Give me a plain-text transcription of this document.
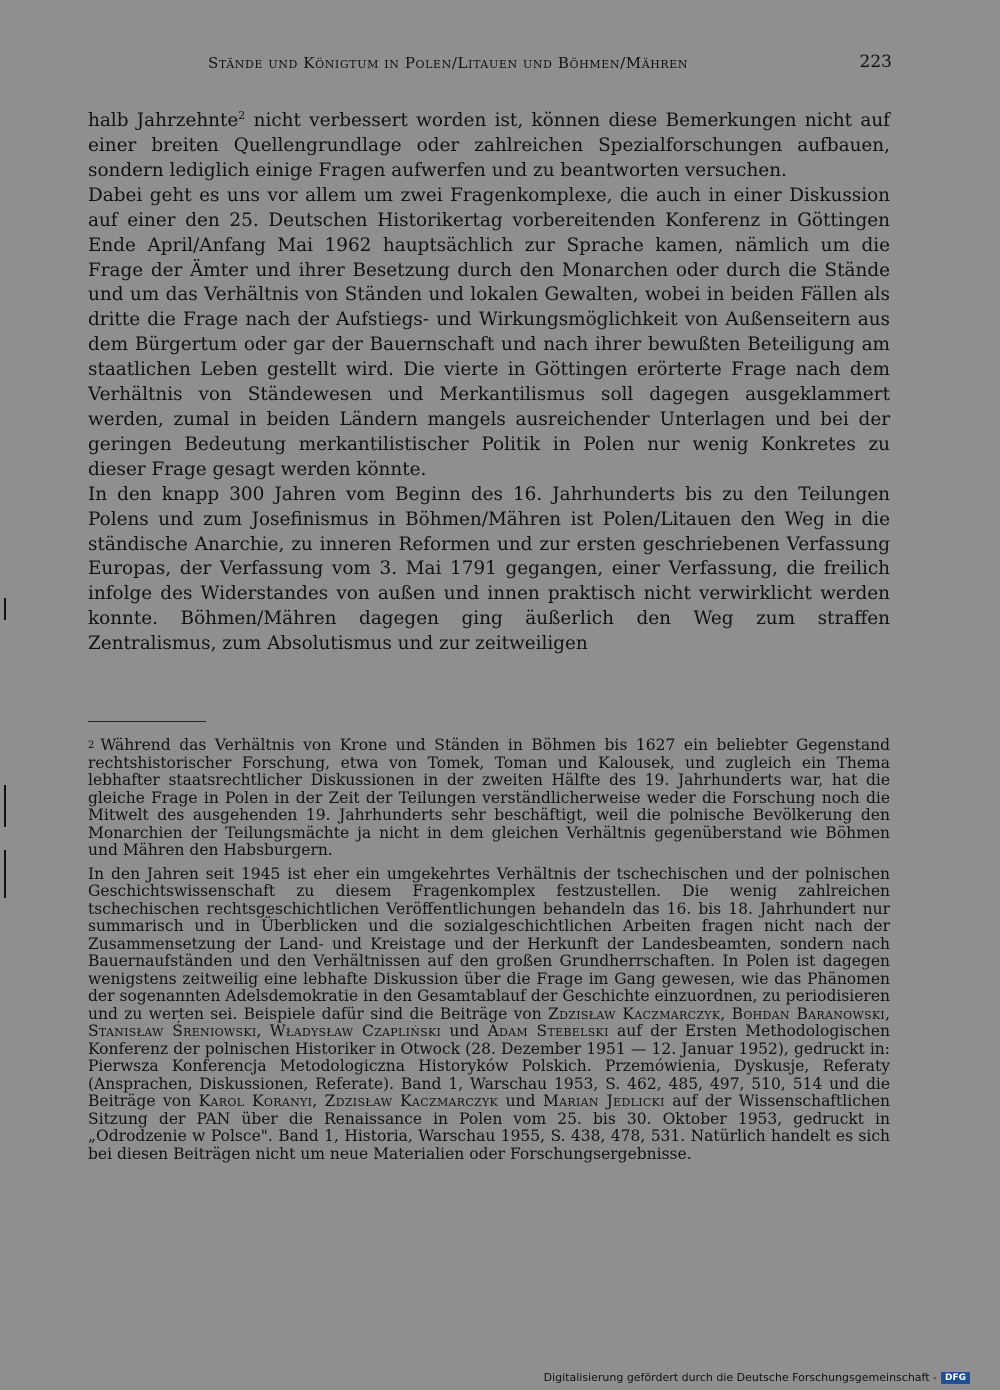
Stände und Königtum in Polen/Litauen und Böhmen/Mähren	223

halb Jahrzehnte$^2$ nicht verbessert worden ist, können diese Bemerkungen nicht auf einer breiten Quellengrundlage oder zahlreichen Spezialforschungen aufbauen, sondern lediglich einige Fragen aufwerfen und zu beantworten versuchen.

Dabei geht es uns vor allem um zwei Fragenkomplexe, die auch in einer Diskussion auf einer den 25. Deutschen Historikertag vorbereitenden Konferenz in Göttingen Ende April/Anfang Mai 1962 hauptsächlich zur Sprache kamen, nämlich um die Frage der Ämter und ihrer Besetzung durch den Monarchen oder durch die Stände und um das Verhältnis von Ständen und lokalen Gewalten, wobei in beiden Fällen als dritte die Frage nach der Aufstiegs- und Wirkungsmöglichkeit von Außenseitern aus dem Bürgertum oder gar der Bauernschaft und nach ihrer bewußten Beteiligung am staatlichen Leben gestellt wird. Die vierte in Göttingen erörterte Frage nach dem Verhältnis von Ständewesen und Merkantilismus soll dagegen ausgeklammert werden, zumal in beiden Ländern mangels ausreichender Unterlagen und bei der geringen Bedeutung merkantilistischer Politik in Polen nur wenig Konkretes zu dieser Frage gesagt werden könnte.

In den knapp 300 Jahren vom Beginn des 16. Jahrhunderts bis zu den Teilungen Polens und zum Josefinismus in Böhmen/Mähren ist Polen/Litauen den Weg in die ständische Anarchie, zu inneren Reformen und zur ersten geschriebenen Verfassung Europas, der Verfassung vom 3. Mai 1791 gegangen, einer Verfassung, die freilich infolge des Widerstandes von außen und innen praktisch nicht verwirklicht werden konnte. Böhmen/Mähren dagegen ging äußerlich den Weg zum straffen Zentralismus, zum Absolutismus und zur zeitweiligen

$^2$ Während das Verhältnis von Krone und Ständen in Böhmen bis 1627 ein beliebter Gegenstand rechtshistorischer Forschung, etwa von Tomek, Toman und Kalousek, und zugleich ein Thema lebhafter staatsrechtlicher Diskussionen in der zweiten Hälfte des 19. Jahrhunderts war, hat die gleiche Frage in Polen in der Zeit der Teilungen verständlicherweise weder die Forschung noch die Mitwelt des ausgehenden 19. Jahrhunderts sehr beschäftigt, weil die polnische Bevölkerung den Monarchien der Teilungsmächte ja nicht in dem gleichen Verhältnis gegenüberstand wie Böhmen und Mähren den Habsburgern.

In den Jahren seit 1945 ist eher ein umgekehrtes Verhältnis der tschechischen und der polnischen Geschichtswissenschaft zu diesem Fragenkomplex festzustellen. Die wenig zahlreichen tschechischen rechtsgeschichtlichen Veröffentlichungen behandeln das 16. bis 18. Jahrhundert nur summarisch und in Überblicken und die sozialgeschichtlichen Arbeiten fragen nicht nach der Zusammensetzung der Land- und Kreistage und der Herkunft der Landesbeamten, sondern nach Bauernaufständen und den Verhältnissen auf den großen Grundherrschaften. In Polen ist dagegen wenigstens zeitweilig eine lebhafte Diskussion über die Frage im Gang gewesen, wie das Phänomen der sogenannten Adelsdemokratie in den Gesamtablauf der Geschichte einzuordnen, zu periodisieren und zu werten sei. Beispiele dafür sind die Beiträge von Zdzisław Kaczmarczyk, Bohdan Baranowski, Stanisław Śreniowski, Władysław Czapliński und Adam Stebelski auf der Ersten Methodologischen Konferenz der polnischen Historiker in Otwock (28. Dezember 1951 — 12. Januar 1952), gedruckt in: Pierwsza Konferencja Metodologiczna Historyków Polskich. Przemówienia, Dyskusje, Referaty (Ansprachen, Diskussionen, Referate). Band 1, Warschau 1953, S. 462, 485, 497, 510, 514 und die Beiträge von Karol Koranyi, Zdzisław Kaczmarczyk und Marian Jedlicki auf der Wissenschaftlichen Sitzung der PAN über die Renaissance in Polen vom 25. bis 30. Oktober 1953, gedruckt in „Odrodzenie w Polsce". Band 1, Historia, Warschau 1955, S. 438, 478, 531. Natürlich handelt es sich bei diesen Beiträgen nicht um neue Materialien oder Forschungsergebnisse.

Digitalisierung gefördert durch die Deutsche Forschungsgemeinschaft - DFG
